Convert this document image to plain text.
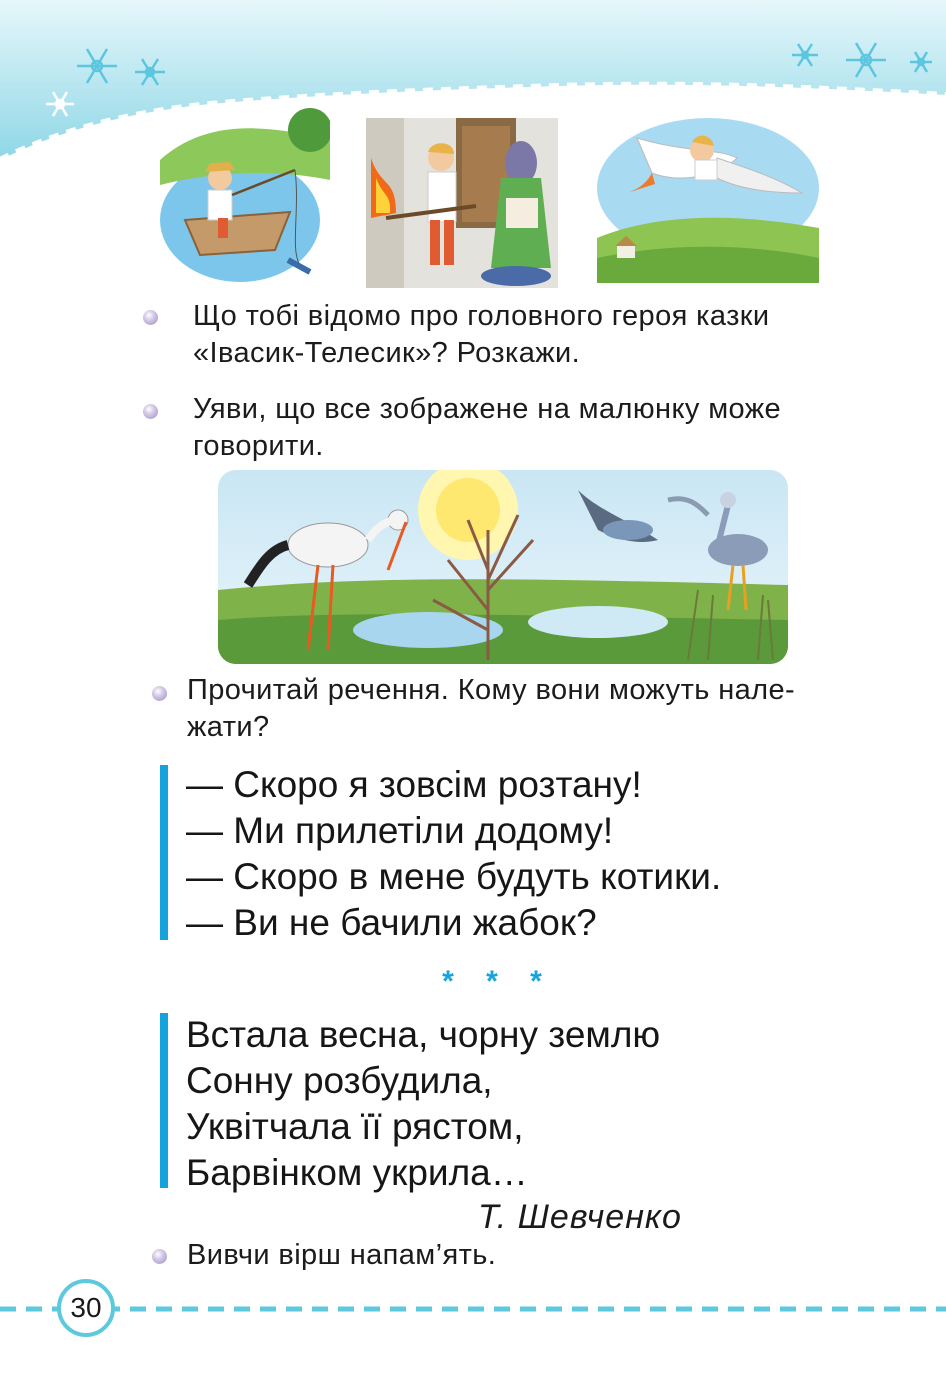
Що тобі відомо про головного героя казки
«Івасик-Телесик»? Розкажи.
Уяви, що все зображене на малюнку може
говорити.
Прочитай речення. Кому вони можуть нале-
жати?
— Скоро я зовсім розтану!
— Ми прилетіли додому!
— Скоро в мене будуть котики.
— Ви не бачили жабок?
* * *
Встала весна, чорну землю
Сонну розбудила,
Уквітчала її рястом,
Барвінком укрила…
Т. Шевченко
Вивчи вірш напам’ять.
30
